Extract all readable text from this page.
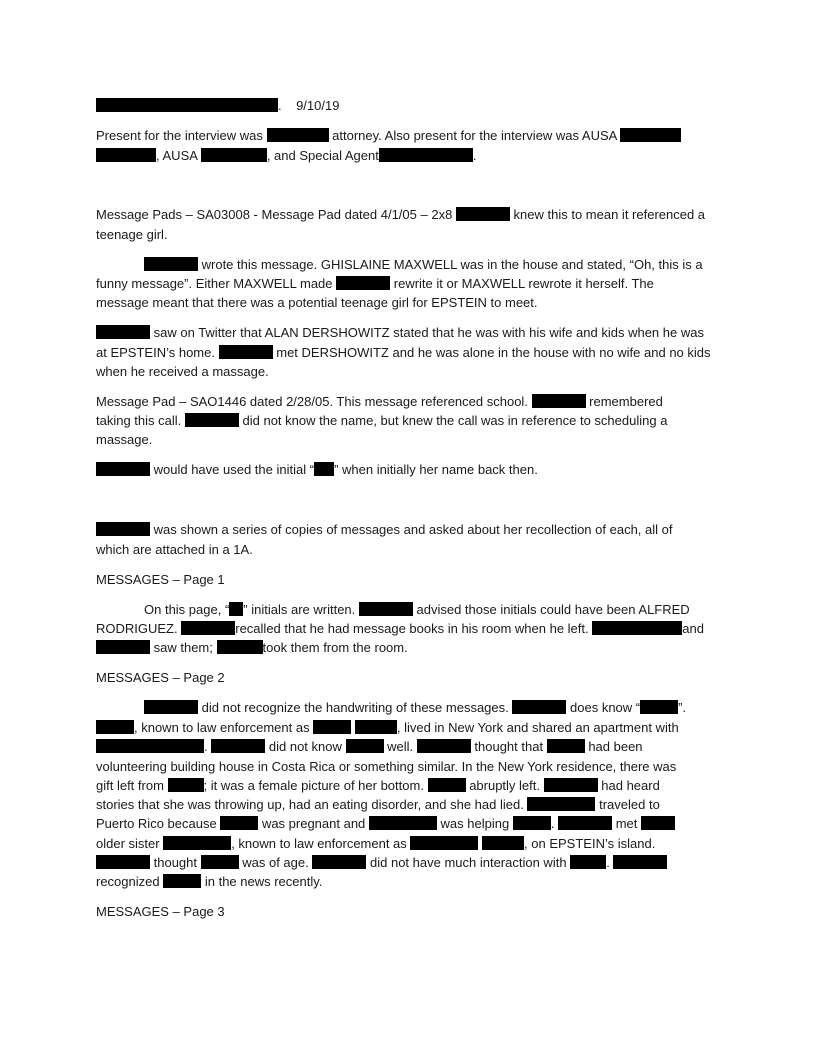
.    9/10/19
Present for the interview was	attorney. Also present for the interview was AUSA
, AUSA	, and Special Agent	.
Message Pads – SA03008 - Message Pad dated 4/1/05 – 2x8	knew this to mean it referenced a
teenage girl.
wrote this message. GHISLAINE MAXWELL was in the house and stated, “Oh, this is a
funny message”. Either MAXWELL made	rewrite it or MAXWELL rewrote it herself. The
message meant that there was a potential teenage girl for EPSTEIN to meet.
saw on Twitter that ALAN DERSHOWITZ stated that he was with his wife and kids when he was
at EPSTEIN’s home.	met DERSHOWITZ and he was alone in the house with no wife and no kids
when he received a massage.
Message Pad – SAO1446 dated 2/28/05. This message referenced school.	remembered
taking this call.	did not know the name, but knew the call was in reference to scheduling a
massage.
would have used the initial “ ” when initially her name back then.
was shown a series of copies of messages and asked about her recollection of each, all of
which are attached in a 1A.
MESSAGES – Page 1
On this page, “ ” initials are written.	advised those initials could have been ALFRED
RODRIGUEZ.	recalled that he had message books in his room when he left.	and
saw them;	took them from the room.
MESSAGES – Page 2
did not recognize the handwriting of these messages.	does know “	”.
, known to law enforcement as	, lived in New York and shared an apartment with
.	did not know	well.	thought that	had been
volunteering building house in Costa Rica or something similar. In the New York residence, there was
gift left from	; it was a female picture of her bottom.	abruptly left.	had heard
stories that she was throwing up, had an eating disorder, and she had lied.	traveled to
Puerto Rico because	was pregnant and	was helping	.	met
older sister	, known to law enforcement as	, on EPSTEIN’s island.
thought	was of age.	did not have much interaction with	.
recognized	in the news recently.
MESSAGES – Page 3
